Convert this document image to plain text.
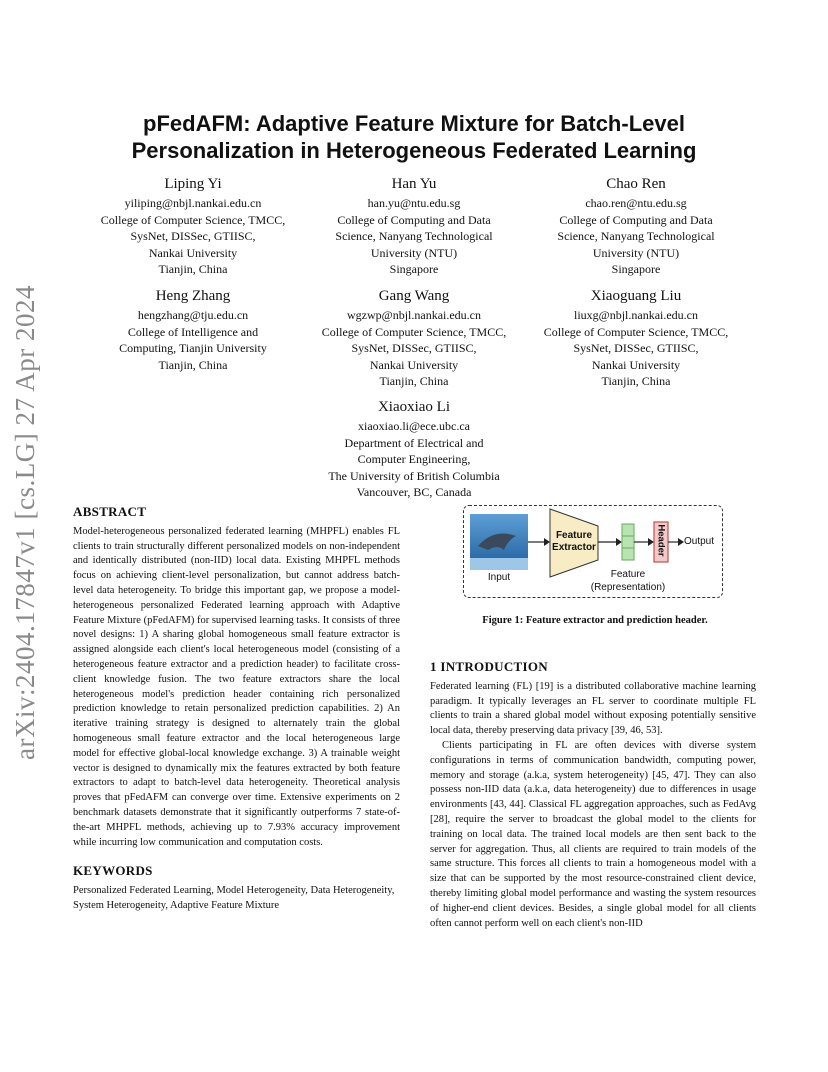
arXiv:2404.17847v1 [cs.LG] 27 Apr 2024
pFedAFM: Adaptive Feature Mixture for Batch-Level
Personalization in Heterogeneous Federated Learning
Liping Yi
yiliping@nbjl.nankai.edu.cn
College of Computer Science, TMCC,
SysNet, DISSec, GTIISC,
Nankai University
Tianjin, China
Han Yu
han.yu@ntu.edu.sg
College of Computing and Data
Science, Nanyang Technological
University (NTU)
Singapore
Chao Ren
chao.ren@ntu.edu.sg
College of Computing and Data
Science, Nanyang Technological
University (NTU)
Singapore
Heng Zhang
hengzhang@tju.edu.cn
College of Intelligence and
Computing, Tianjin University
Tianjin, China
Gang Wang
wgzwp@nbjl.nankai.edu.cn
College of Computer Science, TMCC,
SysNet, DISSec, GTIISC,
Nankai University
Tianjin, China
Xiaoguang Liu
liuxg@nbjl.nankai.edu.cn
College of Computer Science, TMCC,
SysNet, DISSec, GTIISC,
Nankai University
Tianjin, China
Xiaoxiao Li
xiaoxiao.li@ece.ubc.ca
Department of Electrical and
Computer Engineering,
The University of British Columbia
Vancouver, BC, Canada
ABSTRACT

Model-heterogeneous personalized federated learning (MHPFL) enables FL clients to train structurally different personalized models on non-independent and identically distributed (non-IID) local data. Existing MHPFL methods focus on achieving client-level personalization, but cannot address batch-level data heterogeneity. To bridge this important gap, we propose a model-heterogeneous personalized Federated learning approach with Adaptive Feature Mixture (pFedAFM) for supervised learning tasks. It consists of three novel designs: 1) A sharing global homogeneous small feature extractor is assigned alongside each client's local heterogeneous model (consisting of a heterogeneous feature extractor and a prediction header) to facilitate cross-client knowledge fusion. The two feature extractors share the local heterogeneous model's prediction header containing rich personalized prediction knowledge to retain personalized prediction capabilities. 2) An iterative training strategy is designed to alternately train the global homogeneous small feature extractor and the local heterogeneous large model for effective global-local knowledge exchange. 3) A trainable weight vector is designed to dynamically mix the features extracted by both feature extractors to adapt to batch-level data heterogeneity. Theoretical analysis proves that pFedAFM can converge over time. Extensive experiments on 2 benchmark datasets demonstrate that it significantly outperforms 7 state-of-the-art MHPFL methods, achieving up to 7.93% accuracy improvement while incurring low communication and computation costs.

KEYWORDS

Personalized Federated Learning, Model Heterogeneity, Data Heterogeneity, System Heterogeneity, Adaptive Feature Mixture

Input
Feature
Extractor	Header Output
Feature
(Representation)
Figure 1: Feature extractor and prediction header.
1 INTRODUCTION

Federated learning (FL) [19] is a distributed collaborative machine learning paradigm. It typically leverages an FL server to coordinate multiple FL clients to train a shared global model without exposing potentially sensitive local data, thereby preserving data privacy [39, 46, 53].

Clients participating in FL are often devices with diverse system configurations in terms of communication bandwidth, computing power, memory and storage (a.k.a, system heterogeneity) [45, 47]. They can also possess non-IID data (a.k.a, data heterogeneity) due to differences in usage environments [43, 44]. Classical FL aggregation approaches, such as FedAvg [28], require the server to broadcast the global model to the clients for training on local data. The trained local models are then sent back to the server for aggregation. Thus, all clients are required to train models of the same structure. This forces all clients to train a homogeneous model with a size that can be supported by the most resource-constrained client device, thereby limiting global model performance and wasting the system resources of higher-end client devices. Besides, a single global model for all clients often cannot perform well on each client's non-IID
